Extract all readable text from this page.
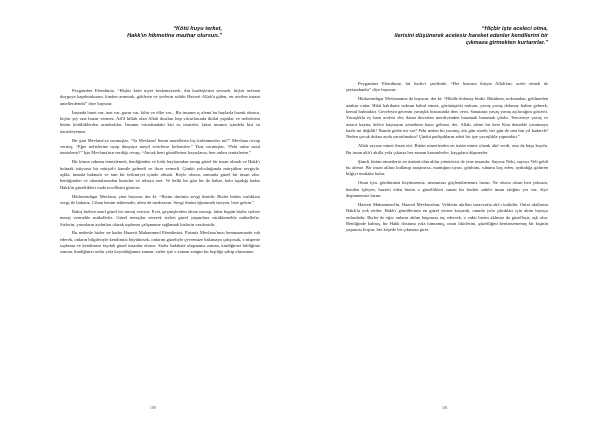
“Kötü huyu terket,
Hakk'ın hikmetine mazhar olursun.”

Peygamber Efendimiz, “Hiçbir kötü niyet beslemeyerek, din kardeşlerini sevmek, hiçbir nefsani duyguya kapılmaksızın, kinden arınmak, göklerin ve yerlerin sahibi Hazreti Allah'a giden, en sevilen insani amellerdendir” diye buyurur.

İnsanda haset var, inat var, gurur var, kibir ve öfke var... Bir insanın iç alemi bu huylarla bozuk olunca, hiçbir şey ona huzur vermez. Aff'â billah olan Allah dostları hep vücutlarında ihtilal yapıtlar ve nefislerini bütün kötülüklerden arındırdılar. İnsanın vücudundaki kiri su temizler, fakat insanın içindeki kiri su temizleyemez.

Bir gün Mevlana'ya sormuşlar, “Ya Mevlana! Senin müridlerin hiç kirlenmezler mi?” Mevlana cevap vermiş, “Eğer nefislerine uyup dünyaya meyil verirlerse kirlenirler.” Yine sormuşlar, “Peki onlar nasıl temizlenir?” İşte Mevlana'nın verdiği cevap, “Ancak beni gönüllerine koyarlarsa, ben onları temizlerim.”

Bir kimse ruhunu temizlemek, benliğinden ve kötü huylarından arınıp güzel bir insan olmak ve Hakk'ı bulmak istiyorsa bir mürşid-i kamile gelmeli ve ikrar vermeli. Çünkü yolculuğunda mürşidine sevgiyle, aşkla, imanla bakmalı ve tam bir teslimiyet içinde olmalı. Böyle olursa, zamanla güzel bir insan olur, benliğinden ve okuntularından kurtulur ve rehaya erer. Ve belki bir gün bir de bakar, kalu taşıdığı kadar Hakk'ın güzellikleri onda tecellisini gösterir.

Hüdavendigar Mevlana, yine buyurur der ki: “Bizim ilmimiz sevgi ilmidir. Bizler bütün varlıklara sevgi ile bakarız. Cihan benim tekkemdir, alem de medresem. Sevgi ilmini öğrenmek isteyen, bize gelsin.”

Bakış bizlere nasıl güzel bir mesaj veriyor. Evet, geçmişlerden alınız mesajı, fakat bugün bizler sizlere mesaj vermekle mükellefiz. Güzel mesajlar vererek sizleri güzel yaşamlara sürüklemekle mükellefiz. Sizlerin, yarınların aydınları olarak toplumu çalışmanız sağlamak bizlerin vazifesidir.

Bu nedenle bizler ne kadar Hazreti Muhammed Efendimizi, Pirimiz Mevlana'mızı benimsemizde ruh ederek, onların bilgilerıyle kendimizi büyütürsek, onlarını güzeliyle çevremize hakimaya çalışırsak, o nispette toplumu ve kendimize faydalı güzel insanlar oluruz. Sizler hakikate ulaşmanız zaman, kindiğinizi bildiğiniz zaman, kindiğinizi onlar yola koyulduğunuz zaman, sizler işte o zaman zengin bir kişiliğe sahip olursunuz.

100
“Hiçbir işte aceleci olma,
ilerisini düşünerek acelesiz hareket edenler kendilerini bir
çıkmaza girmekten kurtarırlar.”

Peygamber Efendimiz, bir hadis-i şerifinde, “Her hususta ihtiyat Allah'tan, acele etmek de şeytandandır” diye buyurur.

Hüdavendigar Mevlanamız da buyurur, der ki: “Hilalle dolunay birdir. Bütükten, noksandan, gelilmeden uzaktır onlar. Hilal hakikatte noksan kabul etmez, görünüşteki noksan, yavaş yavaş dolunay haline gelmek, kemal bulmaktır. Geceleyin gecenin yavaşlık hususunda ders verir. Sanatının yavaş yavaş açılacağını gösterir. Yavaşlıkla ey ham acelesi der, dama duvarlan merdivenden basamak basamak çıkılır. Tencereye yavaş ve ustaca kayna, delice kaynayan yemekten hayır gelmez, der, Allah, alemi bir kere Kün demekle yaratmaya kadir mi değildi? Bunda gizbe mi var? Peki neden bu yaramş, altı gün sürdü; her gün de tam bin yıl kadarch? Neden çocuk dokuz ayda yaratılmakta? Çünkü padişahların adeti bir işte yavaşlıkla yapmaktır.”

Allah sayısız nimet ihsan etti. Bütün nimetlerden en üstün nimet olarak akıl verdi, onu da başa koydu. Bu insan aklı'i akılla yola çıkarsa her zaman kazanılerler, kaygılara düşmezler.

Şimdi, bütün nimetlerin en üstünü olan aklın yönetticisi de yine insandır. Sayısız Nebi, sayısız Veli geldi bu aleme. Bir insan aklını kullanıp araştırırsa, mantığını uyarı, gönlünü, ruhunu hoş eden, aydınlığa götüren bilgiyi mutlaka bulur.

Onun için, gönlümüzü büyütmemiz, imanımızı güçlendirmemiz lazım. Ne olursa olsun ben yoksam, benden işleyen, hazreti eden bizim o güzellikleri sunan bir kudret sahibi insan ettiğim yer var, diye düşünmemiz lazım.

Hazreti Muhammed'in, Hazreti Mevlana'nın, Velilerin akılları tasavvufta akl-ı kulüdür. Onlar akıllarını Hakk'ta yok ettiler. Hakk'ı gönüllerinin en güzel yerine koyarak, onunla yola çıktıkları için akim bayışsı onlardadır. Bizler de eğer onların aklını başımıza taç edersek, o vakit bizim aklımız da güzelleşir, aşk olur. Benliğinde kalmış, bir Hakk dostunu yola tutmamış, onun fikirlerini, güzelliğini benimsememiş bir kişinin yaşantısı boştur, her köşede bir çıkmaza girer.

101
